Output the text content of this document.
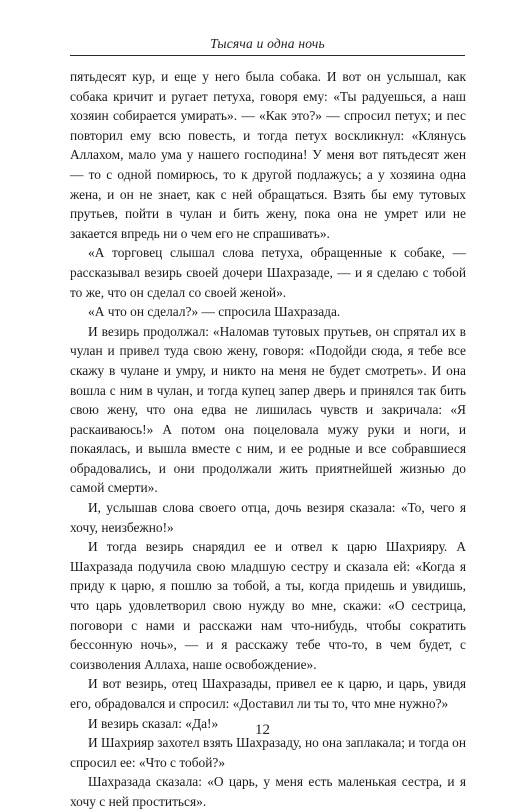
Тысяча и одна ночь

пятьдесят кур, и еще у него была собака. И вот он услышал, как собака кричит и ругает петуха, говоря ему: «Ты радуешься, а наш хозяин собирается умирать». — «Как это?» — спросил петух; и пес повторил ему всю повесть, и тогда петух воскликнул: «Клянусь Аллахом, мало ума у нашего господина! У меня вот пятьдесят жен — то с одной помирюсь, то к другой подлажусь; а у хозяина одна жена, и он не знает, как с ней обращаться. Взять бы ему тутовых прутьев, пойти в чулан и бить жену, пока она не умрет или не закается впредь ни о чем его не спрашивать».

«А торговец слышал слова петуха, обращенные к собаке, — рассказывал везирь своей дочери Шахразаде, — и я сделаю с тобой то же, что он сделал со своей женой».

«А что он сделал?» — спросила Шахразада.

И везирь продолжал: «Наломав тутовых прутьев, он спрятал их в чулан и привел туда свою жену, говоря: «Подойди сюда, я тебе все скажу в чулане и умру, и никто на меня не будет смотреть». И она вошла с ним в чулан, и тогда купец запер дверь и принялся так бить свою жену, что она едва не лишилась чувств и закричала: «Я раскаиваюсь!» А потом она поцеловала мужу руки и ноги, и покаялась, и вышла вместе с ним, и ее родные и все собравшиеся обрадовались, и они продолжали жить приятнейшей жизнью до самой смерти».

И, услышав слова своего отца, дочь везиря сказала: «То, чего я хочу, неизбежно!»

И тогда везирь снарядил ее и отвел к царю Шахрияру. А Шахразада подучила свою младшую сестру и сказала ей: «Когда я приду к царю, я пошлю за тобой, а ты, когда придешь и увидишь, что царь удовлетворил свою нужду во мне, скажи: «О сестрица, поговори с нами и расскажи нам что-нибудь, чтобы сократить бессонную ночь», — и я расскажу тебе что-то, в чем будет, с соизволения Аллаха, наше освобождение».

И вот везирь, отец Шахразады, привел ее к царю, и царь, увидя его, обрадовался и спросил: «Доставил ли ты то, что мне нужно?»

И везирь сказал: «Да!»

И Шахрияр захотел взять Шахразаду, но она заплакала; и тогда он спросил ее: «Что с тобой?»

Шахразада сказала: «О царь, у меня есть маленькая сестра, и я хочу с ней проститься».

12
